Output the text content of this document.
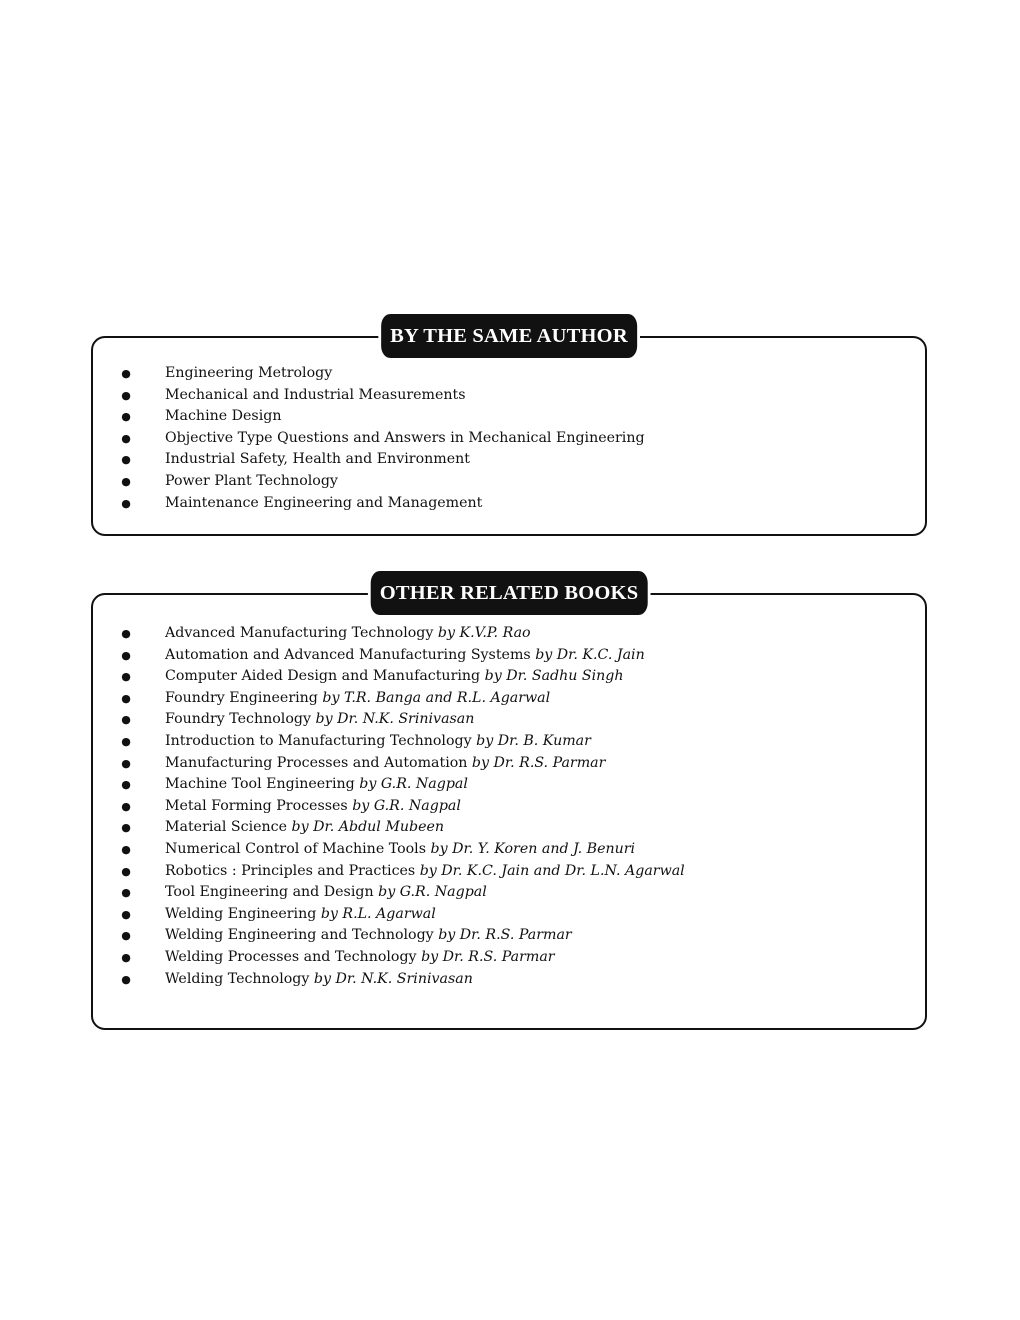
BY THE SAME AUTHOR
● Engineering Metrology
● Mechanical and Industrial Measurements
● Machine Design
● Objective Type Questions and Answers in Mechanical Engineering
● Industrial Safety, Health and Environment
● Power Plant Technology
● Maintenance Engineering and Management
OTHER RELATED BOOKS
● Advanced Manufacturing Technology by K.V.P. Rao
● Automation and Advanced Manufacturing Systems by Dr. K.C. Jain
● Computer Aided Design and Manufacturing by Dr. Sadhu Singh
● Foundry Engineering by T.R. Banga and R.L. Agarwal
● Foundry Technology by Dr. N.K. Srinivasan
● Introduction to Manufacturing Technology by Dr. B. Kumar
● Manufacturing Processes and Automation by Dr. R.S. Parmar
● Machine Tool Engineering by G.R. Nagpal
● Metal Forming Processes by G.R. Nagpal
● Material Science by Dr. Abdul Mubeen
● Numerical Control of Machine Tools by Dr. Y. Koren and J. Benuri
● Robotics : Principles and Practices by Dr. K.C. Jain and Dr. L.N. Agarwal
● Tool Engineering and Design by G.R. Nagpal
● Welding Engineering by R.L. Agarwal
● Welding Engineering and Technology by Dr. R.S. Parmar
● Welding Processes and Technology by Dr. R.S. Parmar
● Welding Technology by Dr. N.K. Srinivasan
